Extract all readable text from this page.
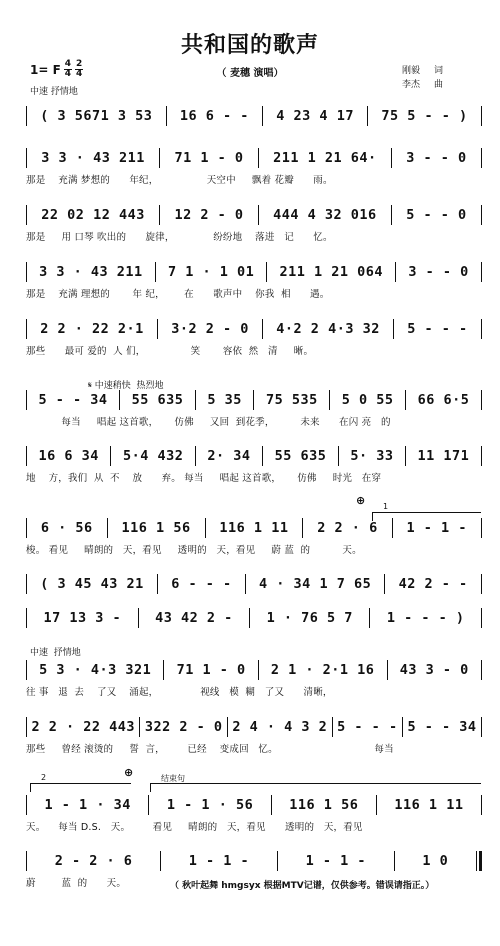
共和国的歌声
（ 麦穗 演唱）
1= F $\frac{4}{4} \frac{2}{4}$
中速 抒情地
刚毅 词
李杰 曲
𝄋 中速稍快  热烈地
⊕	1
中速  抒情地
2	⊕	结束句
( 3 5671 3 53 16 6 - - 4 23 4 17 75 5 - - )
3 3 · 43 211 71 1 - 0 211 1 21 64· 3 - - 0
那是    充满 梦想的      年纪，               天空中     飘着 花瓣      雨。
22 02 12 443 12 2 - 0 444 4 32 016 5 - - 0
那是     用 口琴 吹出的      旋律，            纷纷地    落进   记      忆。
3 3 · 43 211 7 1 · 1 01 211 1 21 064 3 - - 0
那是    充满 理想的       年 纪，      在      歌声中    你我  相      遇。
2 2 · 22 2·1 3·2 2 - 0 4·2 2 4·3 32 5 - - -
那些      最可 爱的  人 们，              笑       容依  然   清     晰。
5 - - 34 55 635 5 35 75 535 5 0 55 66 6·5
每当     唱起 这首歌，     仿佛     又回  到花季，        未来      在闪 亮   的
16 6 34 5·4 432 2· 34 55 635 5· 33 11 171
地    方，我们  从  不    放      弃。 每当     唱起 这首歌，     仿佛     时光   在穿
6 · 56 116 1 56 116 1 11 2 2 · 6 1 - 1 -
梭。 看见     晴朗的   天，看见     透明的   天，看见     蔚 蓝  的          天。
( 3 45 43 21 6 - - - 4 · 34 1 7 65 42 2 - -
17 13 3 -	43 42 2 -	1 · 76 5 7	1 - - - )
5 3 · 4·3 321 71 1 - 0 2 1 · 2·1 16 43 3 - 0
往 事   退  去    了又    涌起，             视线   模  糊   了又      清晰，
2 2 · 22 443 322 2 - 0 2 4 · 4 3 2 5 - - - 5 - - 34
那些     曾经 滚烫的     誓  言，       已经    变成回   忆。                              每当
1 - 1 · 34	1 - 1 · 56	116 1 56	116 1 11
天。    每当 D.S.   天。       看见     晴朗的   天，看见      透明的   天，看见
2 - 2 · 6	1 - 1 -	1 - 1 -	1 0
蔚        蓝  的      天。	（ 秋叶起舞 hmgsyx 根据MTV记谱，仅供参考。错误请指正。）
